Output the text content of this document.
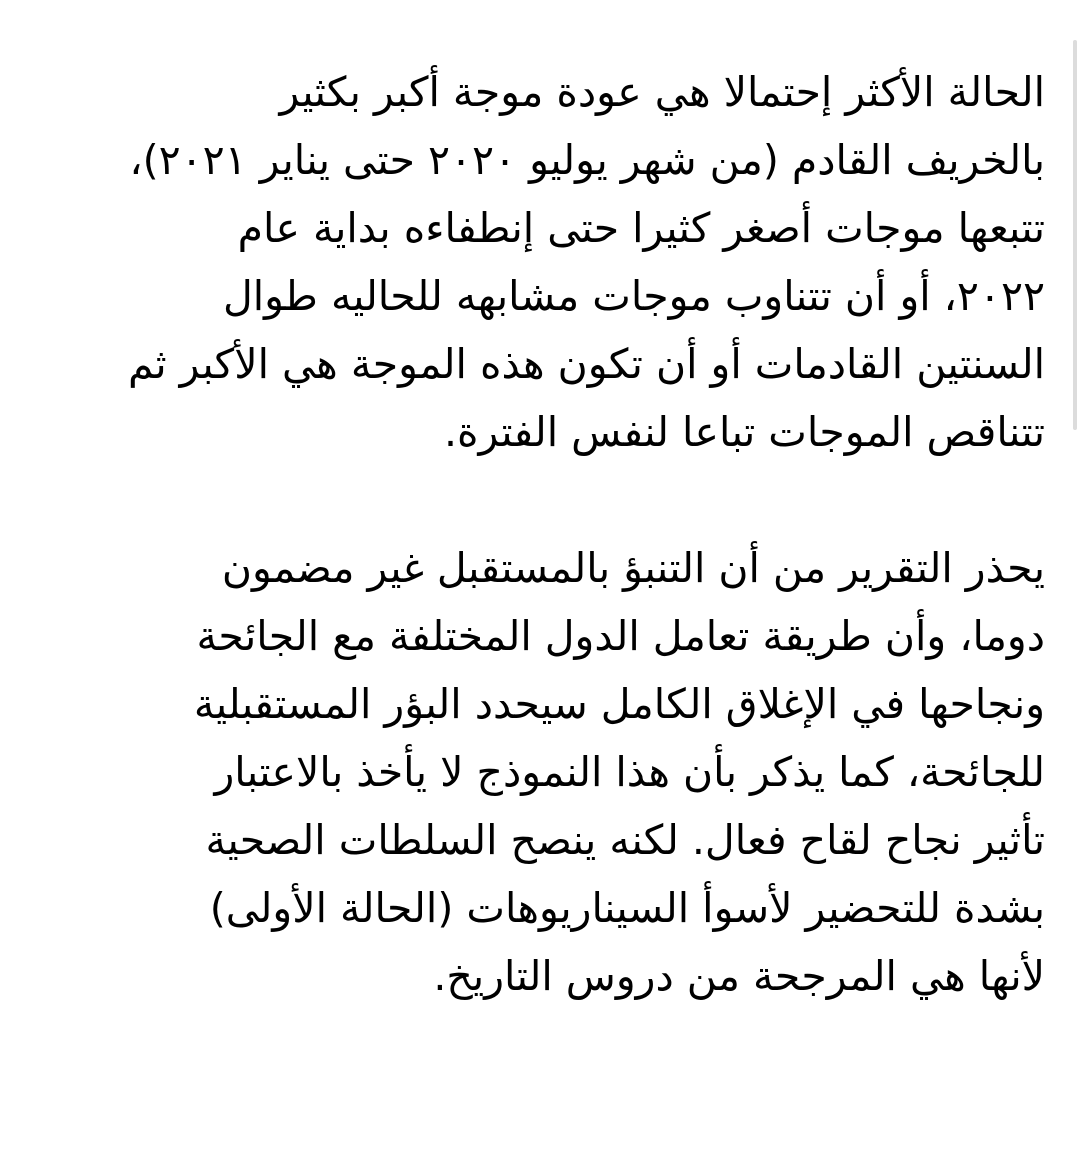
الحالة الأكثر إحتمالا هي عودة موجة أكبر بكثير
بالخريف القادم (من شهر يوليو ٢٠٢٠ حتى يناير ٢٠٢١)،
تتبعها موجات أصغر كثيرا حتى إنطفاءه بداية عام
٢٠٢٢، أو أن تتناوب موجات مشابهه للحاليه طوال
السنتين القادمات أو أن تكون هذه الموجة هي الأكبر ثم
تتناقص الموجات تباعا لنفس الفترة.

يحذر التقرير من أن التنبؤ بالمستقبل غير مضمون
دوما، وأن طريقة تعامل الدول المختلفة مع الجائحة
ونجاحها في الإغلاق الكامل سيحدد البؤر المستقبلية
للجائحة، كما يذكر بأن هذا النموذج لا يأخذ بالاعتبار
تأثير نجاح لقاح فعال. لكنه ينصح السلطات الصحية
بشدة للتحضير لأسوأ السيناريوهات (الحالة الأولى)
لأنها هي المرجحة من دروس التاريخ.
